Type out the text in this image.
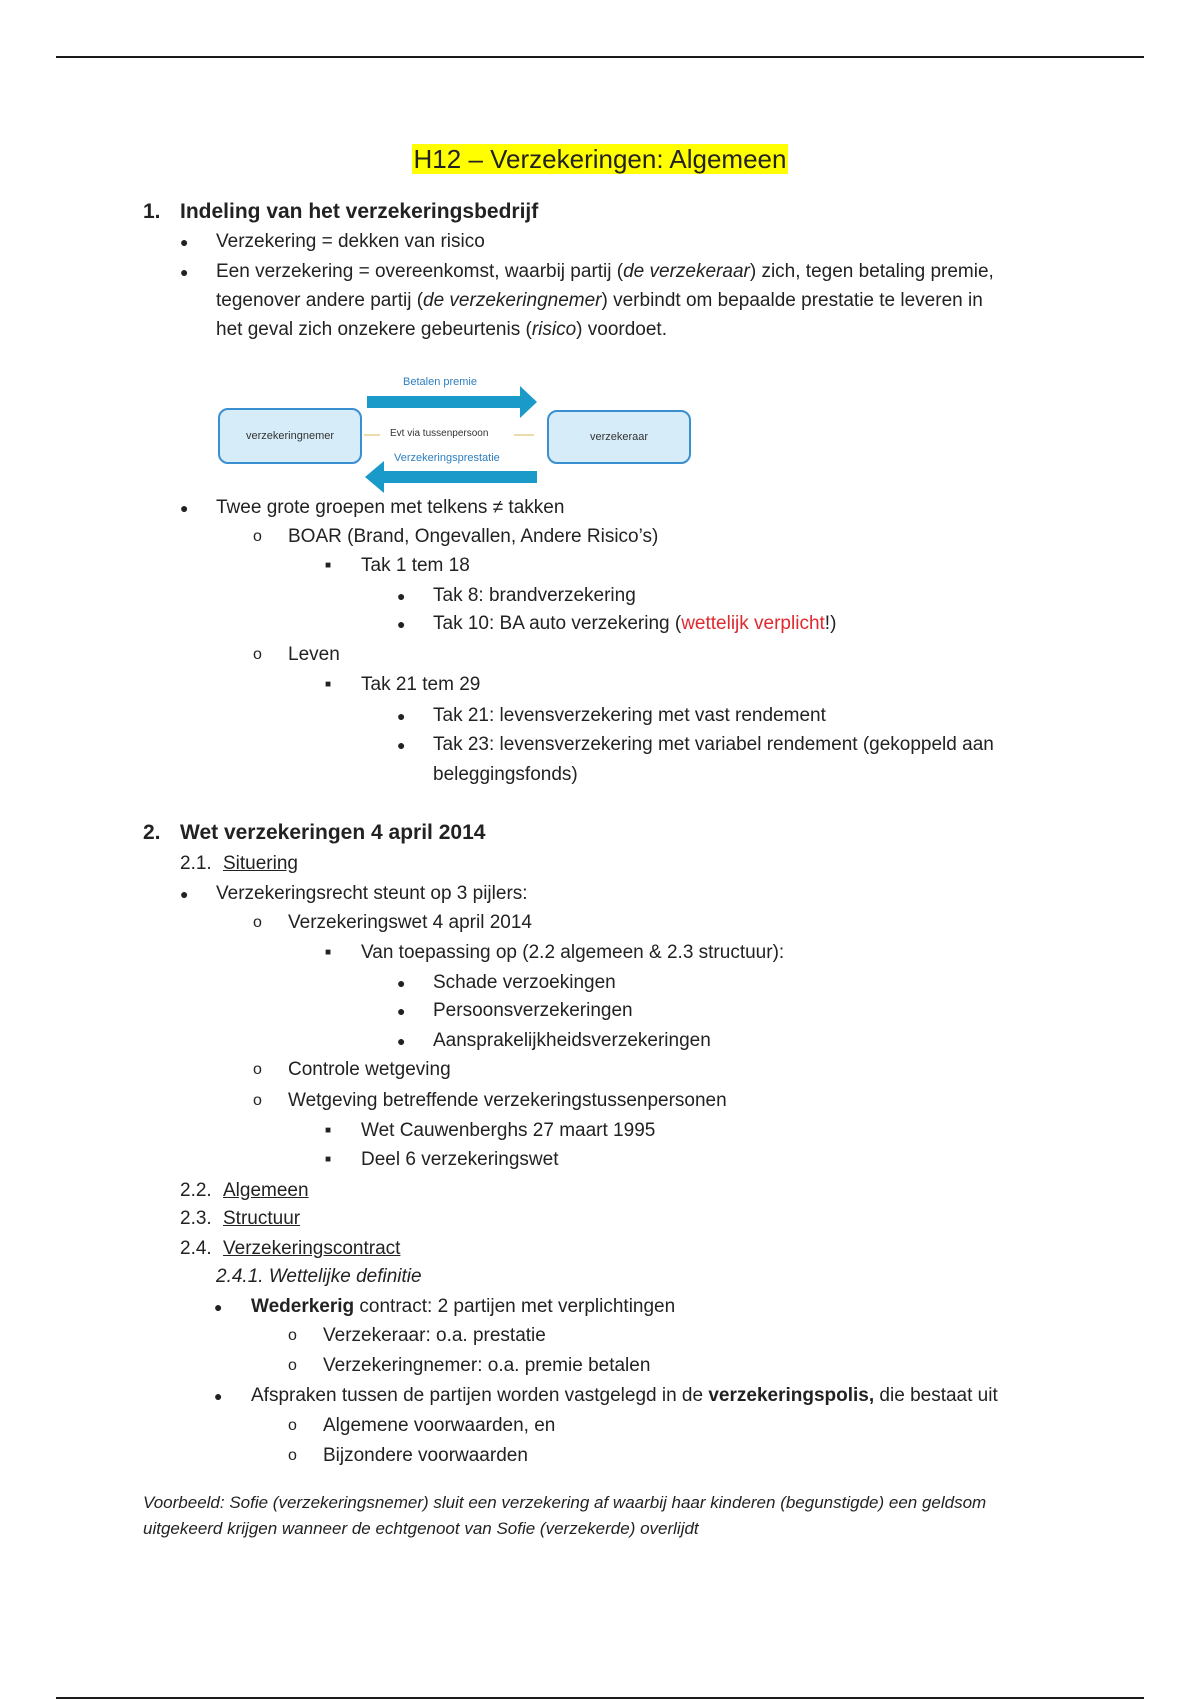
H12 – Verzekeringen: Algemeen
1. Indeling van het verzekeringsbedrijf
● Verzekering = dekken van risico
● Een verzekering = overeenkomst, waarbij partij (de verzekeraar) zich, tegen betaling premie,
tegenover andere partij (de verzekeringnemer) verbindt om bepaalde prestatie te leveren in
het geval zich onzekere gebeurtenis (risico) voordoet.
verzekeringnemer	verzekeraar
Betalen premie
Evt via tussenpersoon
Verzekeringsprestatie
● Twee grote groepen met telkens ≠ takken
o BOAR (Brand, Ongevallen, Andere Risico’s)
■ Tak 1 tem 18
● Tak 8: brandverzekering
● Tak 10: BA auto verzekering (wettelijk verplicht!)
o Leven
■ Tak 21 tem 29
● Tak 21: levensverzekering met vast rendement
● Tak 23: levensverzekering met variabel rendement (gekoppeld aan
beleggingsfonds)
2. Wet verzekeringen 4 april 2014
2.1. Situering
● Verzekeringsrecht steunt op 3 pijlers:
o Verzekeringswet 4 april 2014
■ Van toepassing op (2.2 algemeen & 2.3 structuur):
● Schade verzoekingen
● Persoonsverzekeringen
● Aansprakelijkheidsverzekeringen
o Controle wetgeving
o Wetgeving betreffende verzekeringstussenpersonen
■ Wet Cauwenberghs 27 maart 1995
■ Deel 6 verzekeringswet
2.2. Algemeen
2.3. Structuur
2.4. Verzekeringscontract
2.4.1. Wettelijke definitie
● Wederkerig contract: 2 partijen met verplichtingen
o Verzekeraar: o.a. prestatie
o Verzekeringnemer: o.a. premie betalen
● Afspraken tussen de partijen worden vastgelegd in de verzekeringspolis, die bestaat uit
o Algemene voorwaarden, en
o Bijzondere voorwaarden
Voorbeeld: Sofie (verzekeringsnemer) sluit een verzekering af waarbij haar kinderen (begunstigde) een geldsom
uitgekeerd krijgen wanneer de echtgenoot van Sofie (verzekerde) overlijdt
